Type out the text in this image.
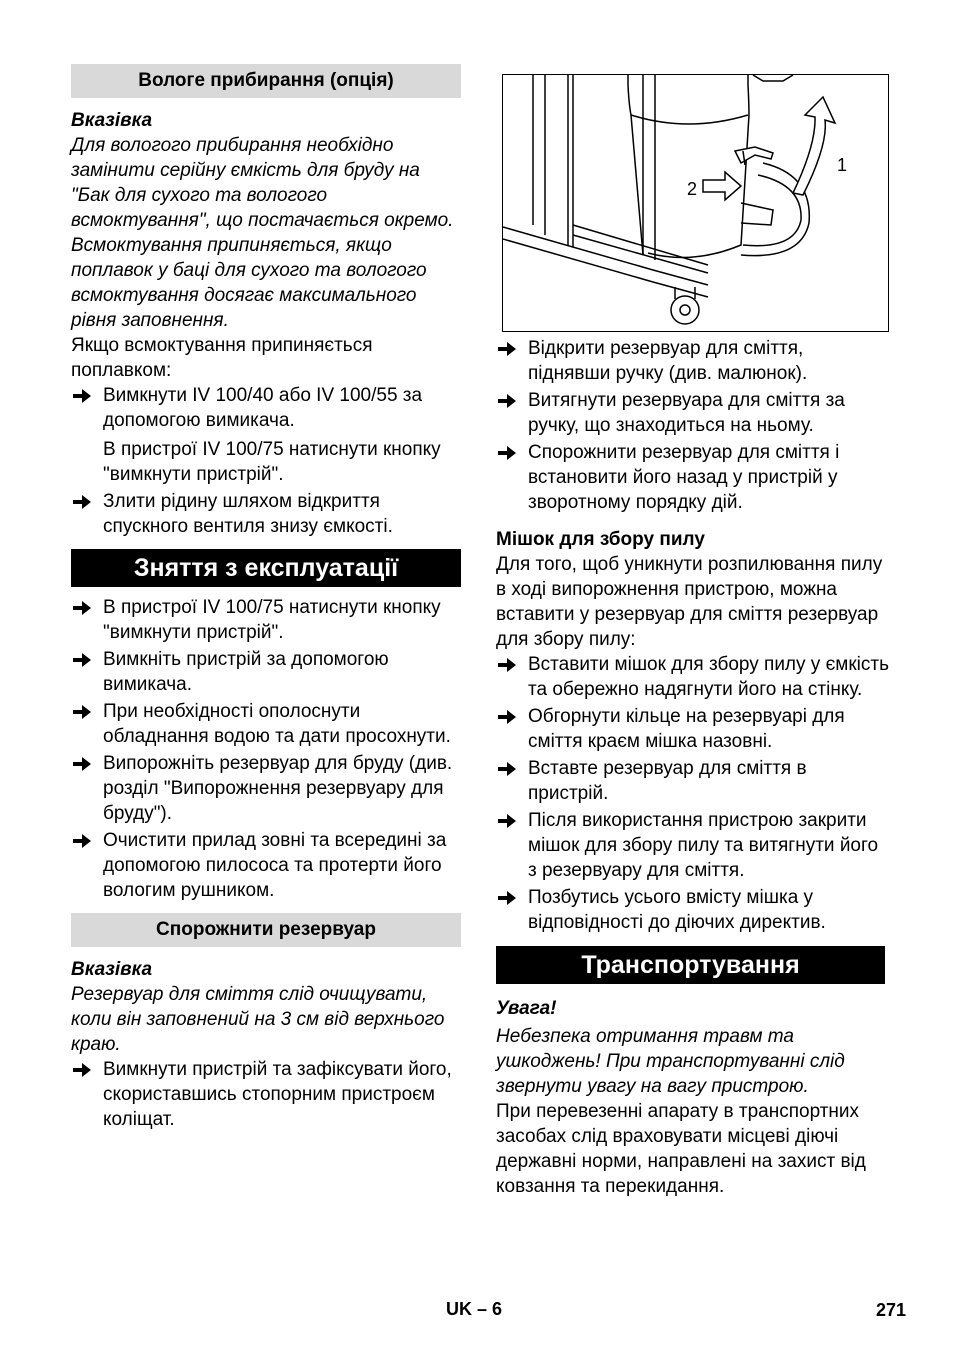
Вологе прибирання (опція)

Вказівка

Для вологого прибирання необхідно замінити серійну ємкість для бруду на "Бак для сухого та вологого всмоктування", що постачається окремо.

Всмоктування припиняється, якщо поплавок у баці для сухого та вологого всмоктування досягає максимального рівня заповнення.

Якщо всмоктування припиняється поплавком:

Вимкнути IV 100/40 або IV 100/55 за допомогою вимикача.

В пристрої IV 100/75 натиснути кнопку "вимкнути пристрій".

Злити рідину шляхом відкриття спускного вентиля знизу ємкості.
Зняття з експлуатації
В пристрої IV 100/75 натиснути кнопку "вимкнути пристрій".
Вимкніть пристрій за допомогою вимикача.
При необхідності ополоснути обладнання водою та дати просохнути.
Випорожніть резервуар для бруду (див. розділ "Випорожнення резервуару для бруду").
Очистити прилад зовні та всередині за допомогою пилососа та протерти його вологим рушником.
Спорожнити резервуар

Вказівка

Резервуар для сміття слід очищувати, коли він заповнений на 3 см від верхнього краю.

Вимкнути пристрій та зафіксувати його, скориставшись стопорним пристроєм коліщат.
1
2
Відкрити резервуар для сміття, піднявши ручку (див. малюнок).
Витягнути резервуара для сміття за ручку, що знаходиться на ньому.
Спорожнити резервуар для сміття і встановити його назад у пристрій у зворотному порядку дій.

Мішок для збору пилу

Для того, щоб уникнути розпилювання пилу в ході випорожнення пристрою, можна вставити у резервуар для сміття резервуар для збору пилу:

Вставити мішок для збору пилу у ємкість та обережно надягнути його на стінку.
Обгорнути кільце на резервуарі для сміття краєм мішка назовні.
Вставте резервуар для сміття в пристрій.
Після використання пристрою закрити мішок для збору пилу та витягнути його з резервуару для сміття.
Позбутись усього вмісту мішка у відповідності до діючих директив.
Транспортування

Увага!

Небезпека отримання травм та ушкоджень! При транспортуванні слід звернути увагу на вагу пристрою.

При перевезенні апарату в транспортних засобах слід враховувати місцеві діючі державні норми, направлені на захист від ковзання та перекидання.

UK – 6	271
